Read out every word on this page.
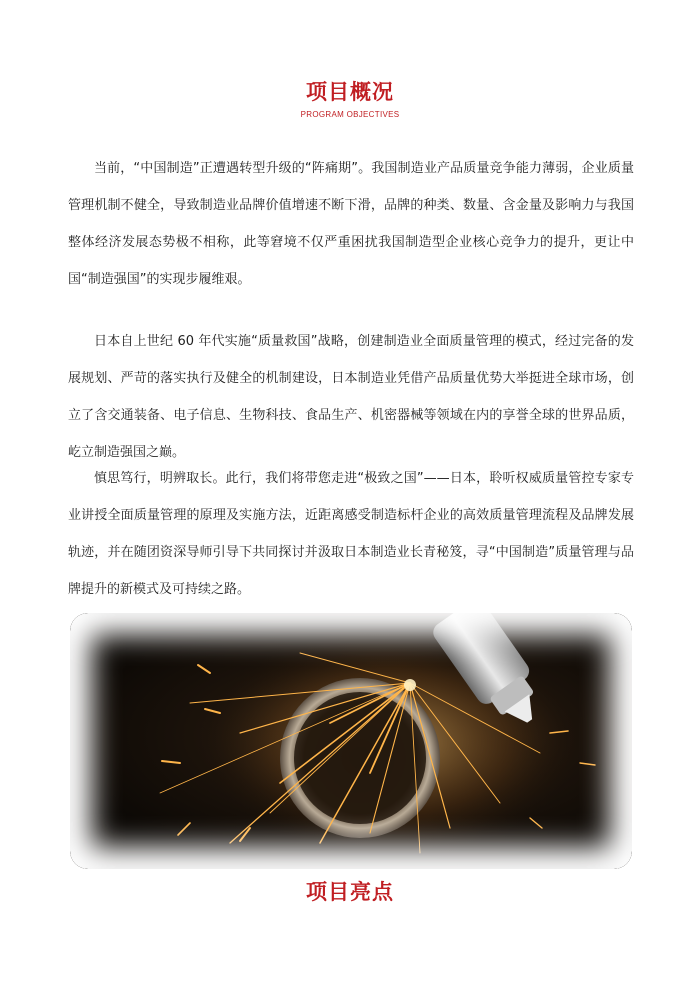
项目概况
PROGRAM OBJECTIVES

当前，“中国制造”正遭遇转型升级的“阵痛期”。我国制造业产品质量竞争能力薄弱，企业质量管理机制不健全，导致制造业品牌价值增速不断下滑，品牌的种类、数量、含金量及影响力与我国整体经济发展态势极不相称，此等窘境不仅严重困扰我国制造型企业核心竞争力的提升，更让中国“制造强国”的实现步履维艰。

日本自上世纪 60 年代实施“质量救国”战略，创建制造业全面质量管理的模式，经过完备的发展规划、严苛的落实执行及健全的机制建设，日本制造业凭借产品质量优势大举挺进全球市场，创立了含交通装备、电子信息、生物科技、食品生产、机密器械等领域在内的享誉全球的世界品质，屹立制造强国之巅。

慎思笃行，明辨取长。此行，我们将带您走进“极致之国”——日本，聆听权威质量管控专家专业讲授全面质量管理的原理及实施方法，近距离感受制造标杆企业的高效质量管理流程及品牌发展轨迹，并在随团资深导师引导下共同探讨并汲取日本制造业长青秘笈，寻“中国制造”质量管理与品牌提升的新模式及可持续之路。

项目亮点
